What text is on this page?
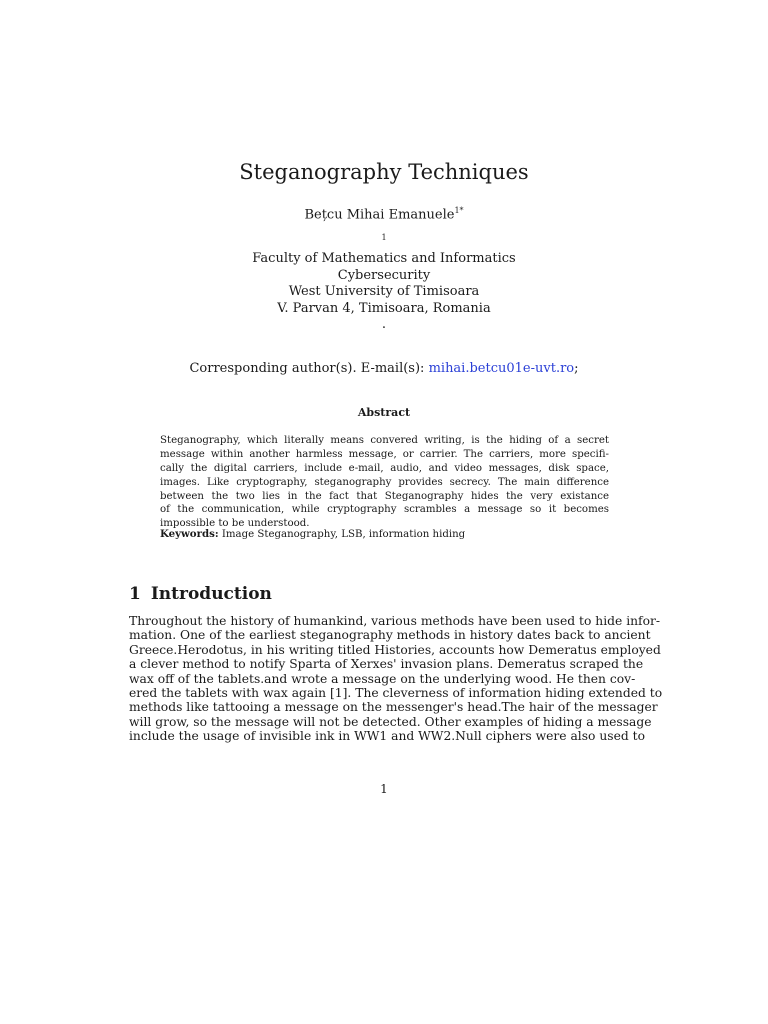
Steganography Techniques
Bețcu Mihai Emanuele$^{1*}$
1
Faculty of Mathematics and Informatics
Cybersecurity
West University of Timisoara
V. Parvan 4, Timisoara, Romania
.
Corresponding author(s). E-mail(s): mihai.betcu01e-uvt.ro;
Abstract
Steganography, which literally means convered writing, is the hiding of a secret
message within another harmless message, or carrier. The carriers, more specifi-
cally the digital carriers, include e-mail, audio, and video messages, disk space,
images. Like cryptography, steganography provides secrecy. The main difference
between the two lies in the fact that Steganography hides the very existance
of the communication, while cryptography scrambles a message so it becomes
impossible to be understood.
Keywords: Image Steganography, LSB, information hiding
1 Introduction
Throughout the history of humankind, various methods have been used to hide infor-
mation. One of the earliest steganography methods in history dates back to ancient
Greece.Herodotus, in his writing titled Histories, accounts how Demeratus employed
a clever method to notify Sparta of Xerxes' invasion plans. Demeratus scraped the
wax off of the tablets.and wrote a message on the underlying wood. He then cov-
ered the tablets with wax again [1]. The cleverness of information hiding extended to
methods like tattooing a message on the messenger's head.The hair of the messager
will grow, so the message will not be detected. Other examples of hiding a message
include the usage of invisible ink in WW1 and WW2.Null ciphers were also used to
1
